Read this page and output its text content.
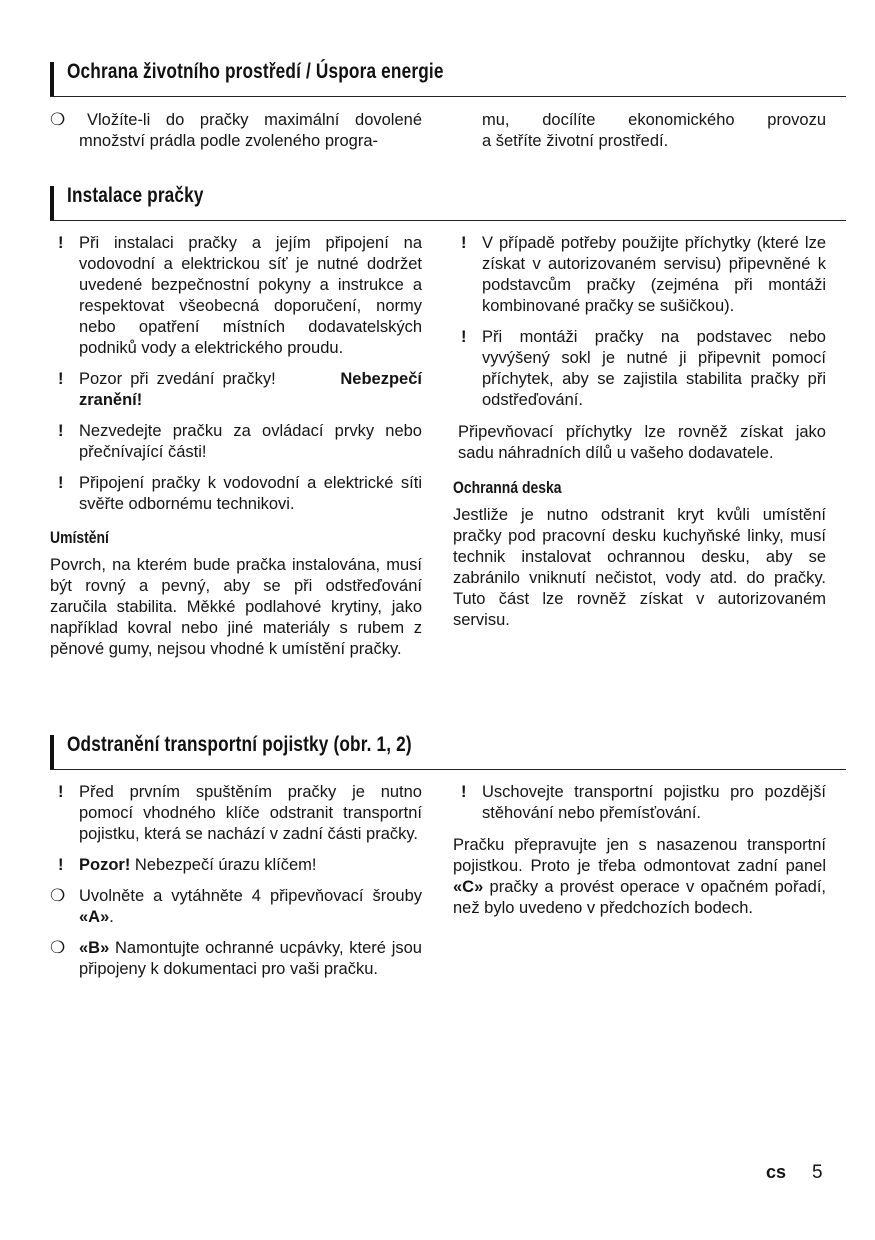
Ochrana životního prostředí / Úspora energie
❍	Vložíte-li do pračky maximální dovolené

množství prádla podle zvoleného progra-

mu, docílíte ekonomického provozu

a šetříte životní prostředí.

Instalace pračky
! Při instalaci pračky a jejím připojení na vodovodní a elektrickou síť je nutné dodržet uvedené bezpečnostní pokyny a instrukce a respektovat všeobecná doporučení, normy nebo opatření místních dodavatelských podniků vody a elektrického proudu.

! Pozor při zvedání pračky!	Nebezpečí zranění!

! Nezvedejte pračku za ovládací prvky nebo přečnívající části!

! Připojení pračky k vodovodní a elektrické síti svěřte odbornému technikovi.

Umístění

Povrch, na kterém bude pračka instalována, musí být rovný a pevný, aby se při odstřeďování zaručila stabilita. Měkké podlahové krytiny, jako například kovral nebo jiné materiály s rubem z pěnové gumy, nejsou vhodné k umístění pračky.

! V případě potřeby použijte příchytky (které lze získat v autorizovaném servisu) připevněné k podstavcům pračky (zejména při montáži kombinované pračky se sušičkou).

! Při montáži pračky na podstavec nebo vyvýšený sokl je nutné ji připevnit pomocí příchytek, aby se zajistila stabilita pračky při odstřeďování.

Připevňovací příchytky lze rovněž získat jako sadu náhradních dílů u vašeho dodavatele.

Ochranná deska

Jestliže je nutno odstranit kryt kvůli umístění pračky pod pracovní desku kuchyňské linky, musí technik instalovat ochrannou desku, aby se zabránilo vniknutí nečistot, vody atd. do pračky. Tuto část lze rovněž získat v autorizovaném servisu.

Odstranění transportní pojistky (obr. 1, 2)
! Před prvním spuštěním pračky je nutno pomocí vhodného klíče odstranit transportní pojistku, která se nachází v zadní části pračky.

! Pozor! Nebezpečí úrazu klíčem!

❍ Uvolněte a vytáhněte 4 připevňovací šrouby «A».

❍ «B» Namontujte ochranné ucpávky, které jsou připojeny k dokumentaci pro vaši pračku.

! Uschovejte transportní pojistku pro pozdější stěhování nebo přemísťování.

Pračku přepravujte jen s nasazenou transportní pojistkou. Proto je třeba odmontovat zadní panel «C» pračky a provést operace v opačném pořadí, než bylo uvedeno v předchozích bodech.

cs 5
